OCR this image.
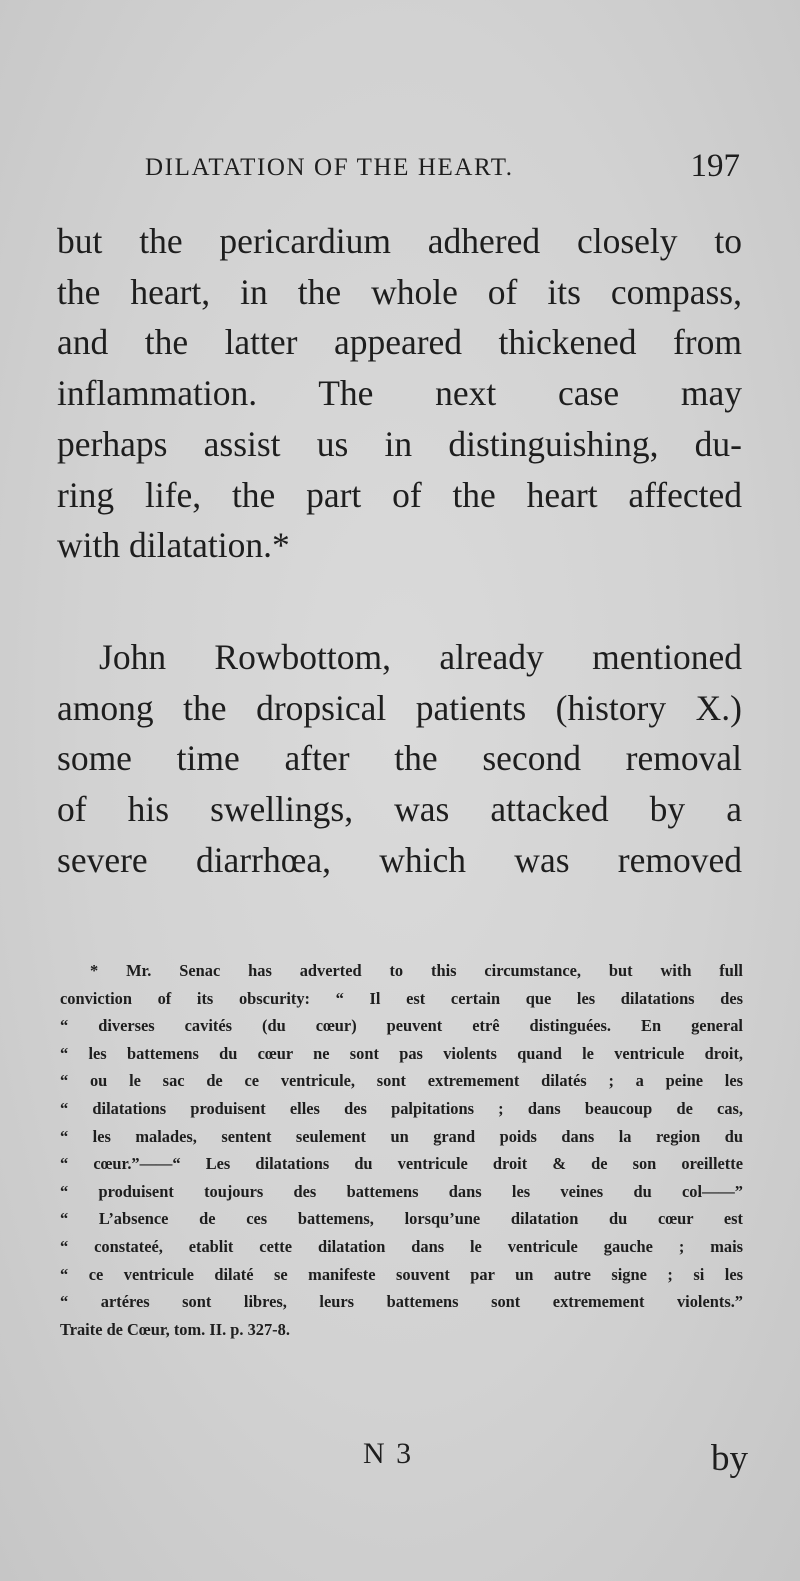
DILATATION OF THE HEART.	197
but the pericardium adhered closely to
the heart, in the whole of its compass,
and the latter appeared thickened from
inflammation. The next case may
perhaps assist us in distinguishing, du-
ring life, the part of the heart affected
with dilatation.*
John Rowbottom, already mentioned
among the dropsical patients (history X.)
some time after the second removal
of his swellings, was attacked by a
severe diarrhœa, which was removed
* Mr. Senac has adverted to this circumstance, but with full
conviction of its obscurity: “ Il est certain que les dilatations des
“ diverses cavités (du cœur) peuvent etrê distinguées. En general
“ les battemens du cœur ne sont pas violents quand le ventricule droit,
“ ou le sac de ce ventricule, sont extremement dilatés ; a peine les
“ dilatations produisent elles des palpitations ; dans beaucoup de cas,
“ les malades, sentent seulement un grand poids dans la region du
“ cœur.”——“ Les dilatations du ventricule droit & de son oreillette
“ produisent toujours des battemens dans les veines du col——”
“ L’absence de ces battemens, lorsqu’une dilatation du cœur est
“ constateé, etablit cette dilatation dans le ventricule gauche ; mais
“ ce ventricule dilaté se manifeste souvent par un autre signe ; si les
“ artéres sont libres, leurs battemens sont extremement violents.”
Traite de Cœur, tom. II. p. 327-8.
N 3	by
